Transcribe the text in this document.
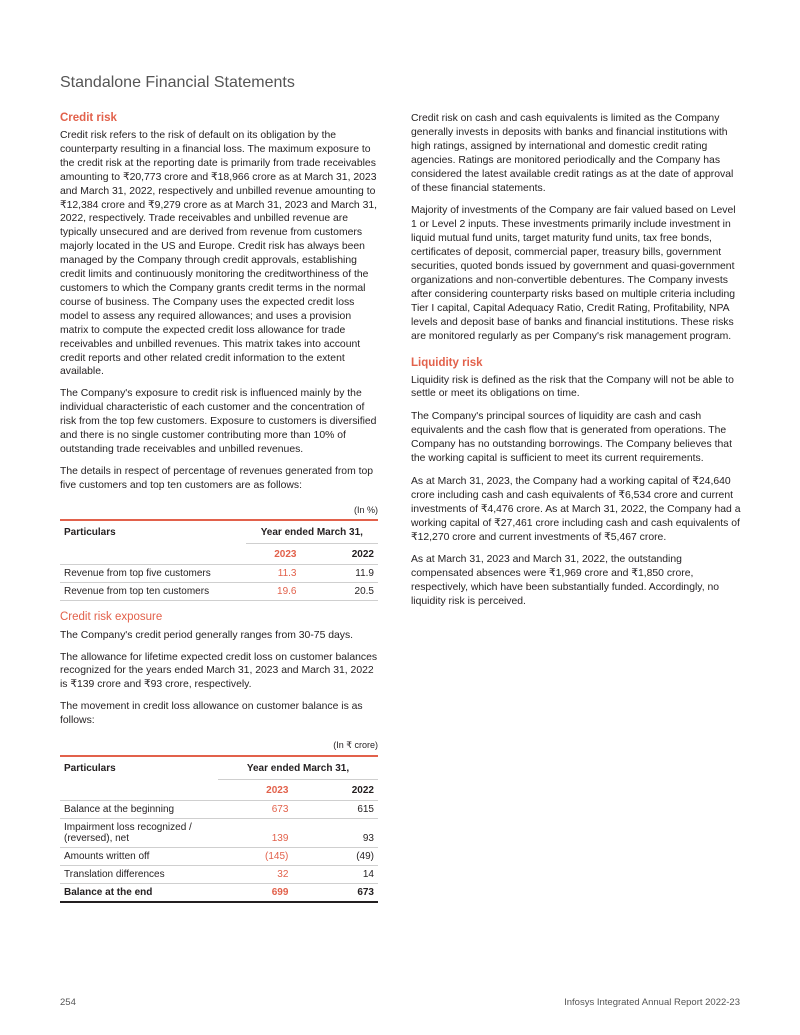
Standalone Financial Statements
Credit risk

Credit risk refers to the risk of default on its obligation by the counterparty resulting in a financial loss. The maximum exposure to the credit risk at the reporting date is primarily from trade receivables amounting to ₹20,773 crore and ₹18,966 crore as at March 31, 2023 and March 31, 2022, respectively and unbilled revenue amounting to ₹12,384 crore and ₹9,279 crore as at March 31, 2023 and March 31, 2022, respectively. Trade receivables and unbilled revenue are typically unsecured and are derived from revenue from customers majorly located in the US and Europe. Credit risk has always been managed by the Company through credit approvals, establishing credit limits and continuously monitoring the creditworthiness of the customers to which the Company grants credit terms in the normal course of business. The Company uses the expected credit loss model to assess any required allowances; and uses a provision matrix to compute the expected credit loss allowance for trade receivables and unbilled revenues. This matrix takes into account credit reports and other related credit information to the extent available.

The Company's exposure to credit risk is influenced mainly by the individual characteristic of each customer and the concentration of risk from the top few customers. Exposure to customers is diversified and there is no single customer contributing more than 10% of outstanding trade receivables and unbilled revenues.

The details in respect of percentage of revenues generated from top five customers and top ten customers are as follows:

(In %)
Particulars	Year ended March 31,	
	2023	2022
Revenue from top five customers	11.3	11.9
Revenue from top ten customers	19.6	20.5
Credit risk exposure

The Company's credit period generally ranges from 30-75 days.

The allowance for lifetime expected credit loss on customer balances recognized for the years ended March 31, 2023 and March 31, 2022 is ₹139 crore and ₹93 crore, respectively.

The movement in credit loss allowance on customer balance is as follows:

(In ₹ crore)
Particulars	Year ended March 31,	
	2023	2022
Balance at the beginning	673	615
Impairment loss recognized / (reversed), net	139	93
Amounts written off	(145)	(49)
Translation differences	32	14
Balance at the end	699	673

Credit risk on cash and cash equivalents is limited as the Company generally invests in deposits with banks and financial institutions with high ratings, assigned by international and domestic credit rating agencies. Ratings are monitored periodically and the Company has considered the latest available credit ratings as at the date of approval of these financial statements.

Majority of investments of the Company are fair valued based on Level 1 or Level 2 inputs. These investments primarily include investment in liquid mutual fund units, target maturity fund units, tax free bonds, certificates of deposit, commercial paper, treasury bills, government securities, quoted bonds issued by government and quasi-government organizations and non-convertible debentures. The Company invests after considering counterparty risks based on multiple criteria including Tier I capital, Capital Adequacy Ratio, Credit Rating, Profitability, NPA levels and deposit base of banks and financial institutions. These risks are monitored regularly as per Company's risk management program.

Liquidity risk

Liquidity risk is defined as the risk that the Company will not be able to settle or meet its obligations on time.

The Company's principal sources of liquidity are cash and cash equivalents and the cash flow that is generated from operations. The Company has no outstanding borrowings. The Company believes that the working capital is sufficient to meet its current requirements.

As at March 31, 2023, the Company had a working capital of ₹24,640 crore including cash and cash equivalents of ₹6,534 crore and current investments of ₹4,476 crore. As at March 31, 2022, the Company had a working capital of ₹27,461 crore including cash and cash equivalents of ₹12,270 crore and current investments of ₹5,467 crore.

As at March 31, 2023 and March 31, 2022, the outstanding compensated absences were ₹1,969 crore and ₹1,850 crore, respectively, which have been substantially funded. Accordingly, no liquidity risk is perceived.

254	Infosys Integrated Annual Report 2022-23
